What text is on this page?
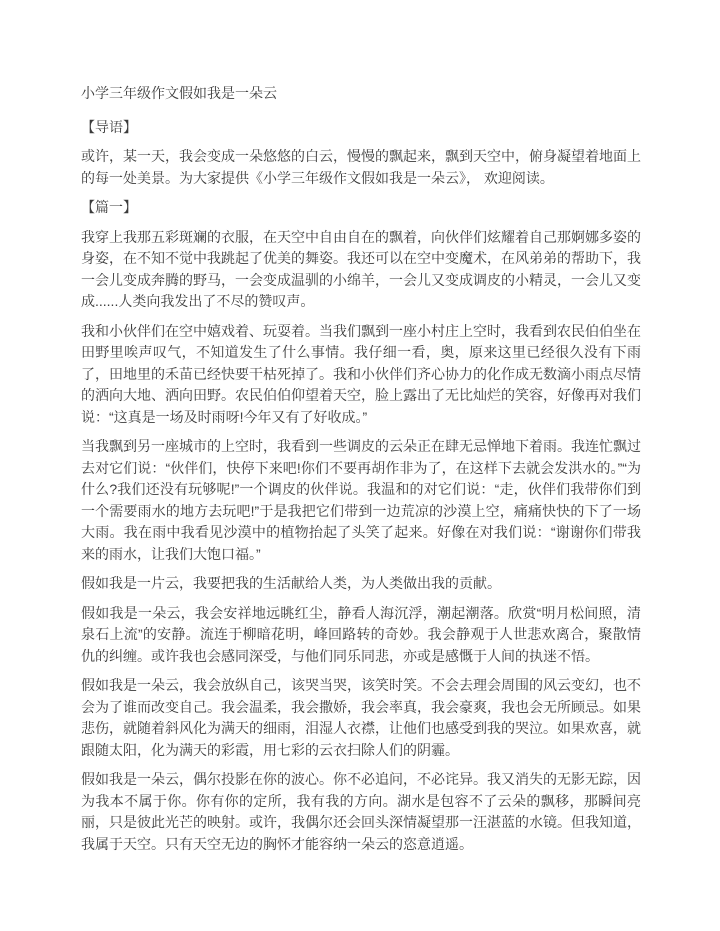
小学三年级作文假如我是一朵云
【导语】

或许，某一天，我会变成一朵悠悠的白云，慢慢的飘起来，飘到天空中，俯身凝望着地面上的每一处美景。为大家提供《小学三年级作文假如我是一朵云》， 欢迎阅读。

【篇一】

我穿上我那五彩斑斓的衣服，在天空中自由自在的飘着，向伙伴们炫耀着自己那婀娜多姿的身姿，在不知不觉中我跳起了优美的舞姿。我还可以在空中变魔术，在风弟弟的帮助下，我一会儿变成奔腾的野马，一会变成温驯的小绵羊，一会儿又变成调皮的小精灵，一会儿又变成......人类向我发出了不尽的赞叹声。

我和小伙伴们在空中嬉戏着、玩耍着。当我们飘到一座小村庄上空时，我看到农民伯伯坐在田野里唉声叹气，不知道发生了什么事情。我仔细一看，奥，原来这里已经很久没有下雨了，田地里的禾苗已经快要干枯死掉了。我和小伙伴们齐心协力的化作成无数滴小雨点尽情的洒向大地、洒向田野。农民伯伯仰望着天空，脸上露出了无比灿烂的笑容，好像再对我们说：“这真是一场及时雨呀!今年又有了好收成。”

当我飘到另一座城市的上空时，我看到一些调皮的云朵正在肆无忌惮地下着雨。我连忙飘过去对它们说：“伙伴们，快停下来吧!你们不要再胡作非为了，在这样下去就会发洪水的。”“为什么?我们还没有玩够呢!”一个调皮的伙伴说。我温和的对它们说：“走，伙伴们我带你们到一个需要雨水的地方去玩吧!”于是我把它们带到一边荒凉的沙漠上空，痛痛快快的下了一场大雨。我在雨中我看见沙漠中的植物抬起了头笑了起来。好像在对我们说：“谢谢你们带我来的雨水，让我们大饱口福。”

假如我是一片云，我要把我的生活献给人类，为人类做出我的贡献。

假如我是一朵云，我会安祥地远眺红尘，静看人海沉浮，潮起潮落。欣赏“明月松间照，清泉石上流”的安静。流连于柳暗花明，峰回路转的奇妙。我会静观于人世悲欢离合，聚散情仇的纠缠。或许我也会感同深受，与他们同乐同悲，亦或是感慨于人间的执迷不悟。

假如我是一朵云，我会放纵自己，该哭当哭，该笑时笑。不会去理会周围的风云变幻，也不会为了谁而改变自己。我会温柔，我会撒娇，我会率真，我会豪爽，我也会无所顾忌。如果悲伤，就随着斜风化为满天的细雨，泪湿人衣襟，让他们也感受到我的哭泣。如果欢喜，就跟随太阳，化为满天的彩霞，用七彩的云衣扫除人们的阴霾。

假如我是一朵云，偶尔投影在你的波心。你不必追问，不必诧异。我又消失的无影无踪，因为我本不属于你。你有你的定所，我有我的方向。湖水是包容不了云朵的飘移，那瞬间亮丽，只是彼此光芒的映射。或许，我偶尔还会回头深情凝望那一汪湛蓝的水镜。但我知道，我属于天空。只有天空无边的胸怀才能容纳一朵云的恣意逍遥。
